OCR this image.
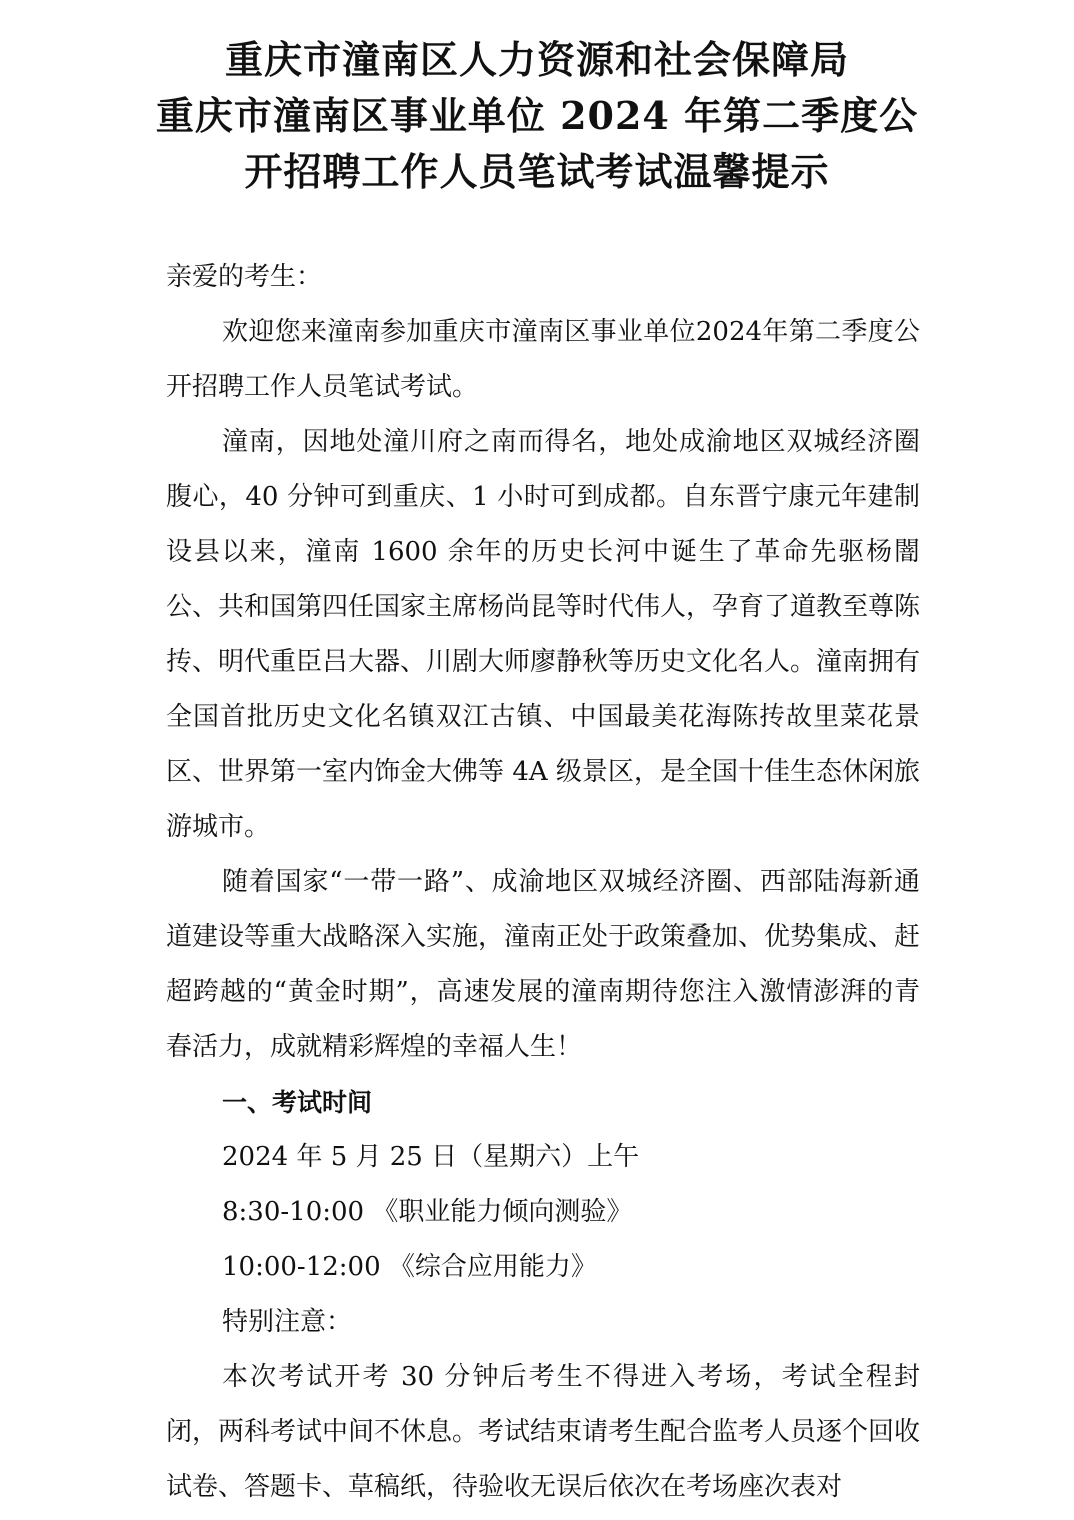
重庆市潼南区人力资源和社会保障局
重庆市潼南区事业单位 2024 年第二季度公
开招聘工作人员笔试考试温馨提示

亲爱的考生：

欢迎您来潼南参加重庆市潼南区事业单位2024年第二季度公开招聘工作人员笔试考试。

潼南，因地处潼川府之南而得名，地处成渝地区双城经济圈腹心，40 分钟可到重庆、1 小时可到成都。自东晋宁康元年建制设县以来，潼南 1600 余年的历史长河中诞生了革命先驱杨闇公、共和国第四任国家主席杨尚昆等时代伟人，孕育了道教至尊陈抟、明代重臣吕大器、川剧大师廖静秋等历史文化名人。潼南拥有全国首批历史文化名镇双江古镇、中国最美花海陈抟故里菜花景区、世界第一室内饰金大佛等 4A 级景区，是全国十佳生态休闲旅游城市。

随着国家“一带一路”、成渝地区双城经济圈、西部陆海新通道建设等重大战略深入实施，潼南正处于政策叠加、优势集成、赶超跨越的“黄金时期”，高速发展的潼南期待您注入激情澎湃的青春活力，成就精彩辉煌的幸福人生！

一、考试时间

2024 年 5 月 25 日（星期六）上午

8:30-10:00 《职业能力倾向测验》

10:00-12:00 《综合应用能力》

特别注意：

本次考试开考 30 分钟后考生不得进入考场，考试全程封闭，两科考试中间不休息。考试结束请考生配合监考人员逐个回收试卷、答题卡、草稿纸，待验收无误后依次在考场座次表对
